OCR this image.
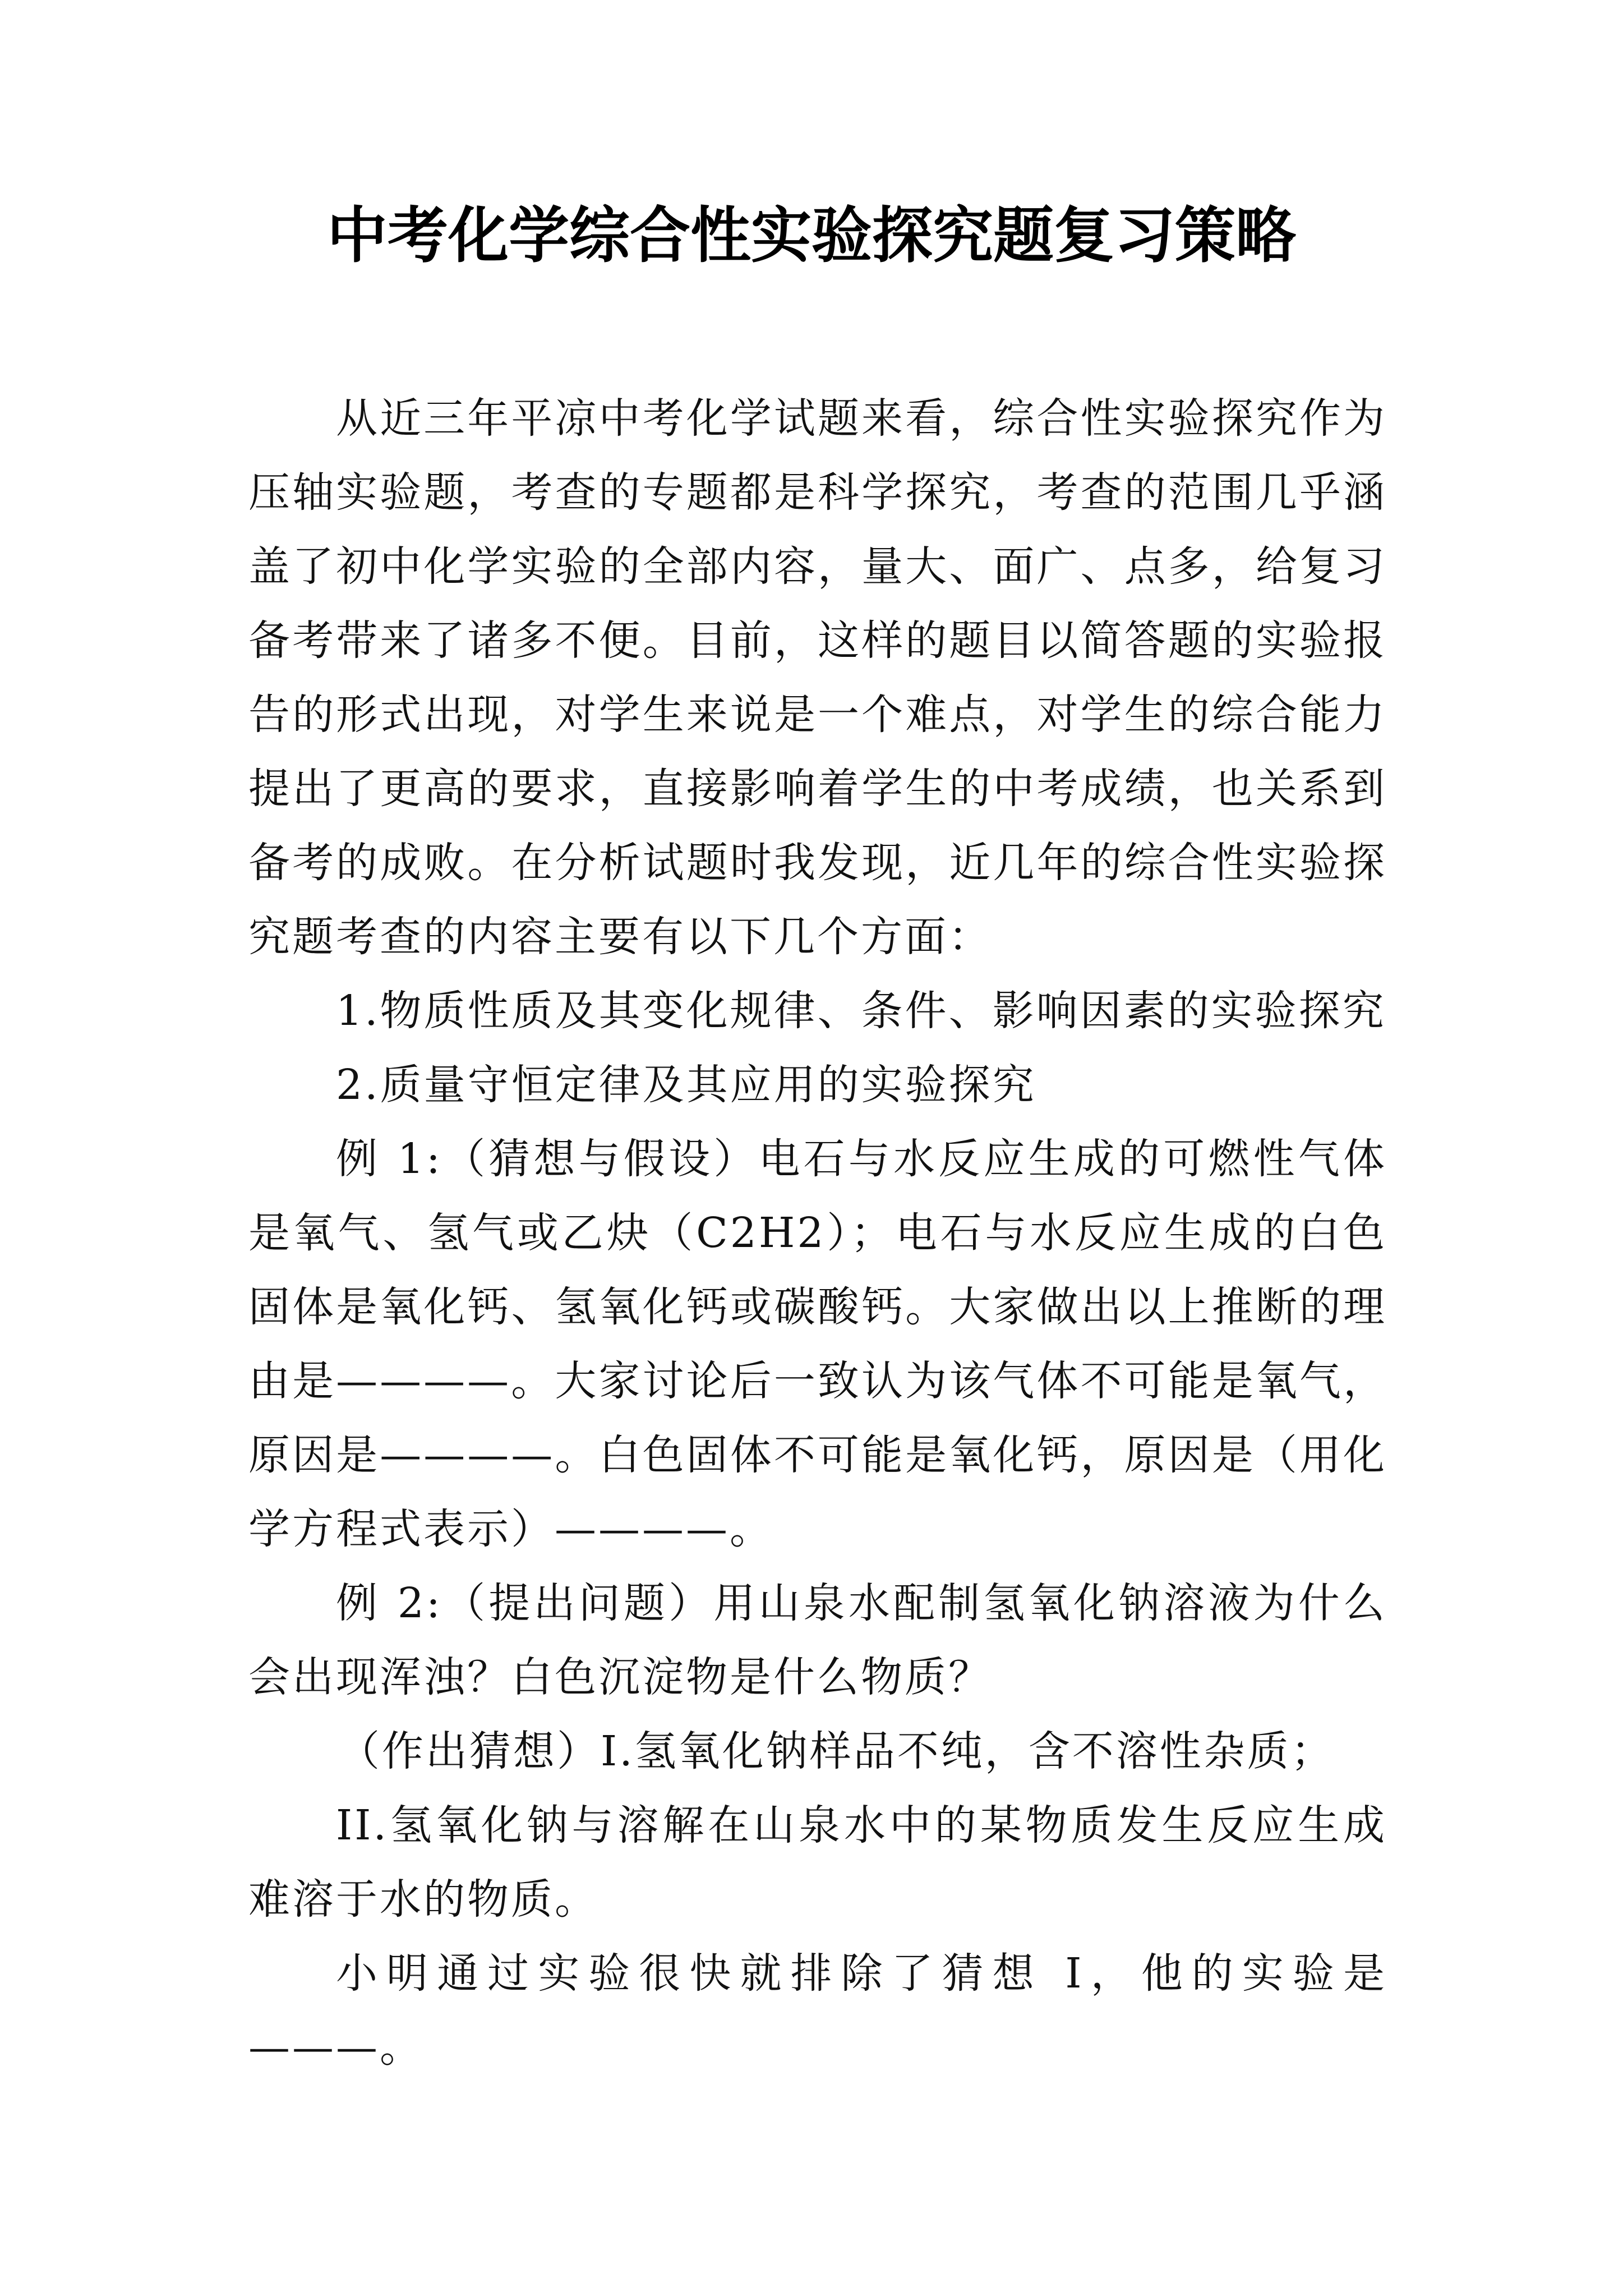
中考化学综合性实验探究题复习策略

从近三年平凉中考化学试题来看，综合性实验探究作为压轴实验题，考查的专题都是科学探究，考查的范围几乎涵盖了初中化学实验的全部内容，量大、面广、点多，给复习备考带来了诸多不便。目前，这样的题目以简答题的实验报告的形式出现，对学生来说是一个难点，对学生的综合能力提出了更高的要求，直接影响着学生的中考成绩，也关系到备考的成败。在分析试题时我发现，近几年的综合性实验探究题考查的内容主要有以下几个方面：

1.物质性质及其变化规律、条件、影响因素的实验探究

2.质量守恒定律及其应用的实验探究

例 1:（猜想与假设）电石与水反应生成的可燃性气体是氧气、氢气或乙炔（C2H2）；电石与水反应生成的白色固体是氧化钙、氢氧化钙或碳酸钙。大家做出以上推断的理由是————。大家讨论后一致认为该气体不可能是氧气，原因是————。白色固体不可能是氧化钙，原因是（用化学方程式表示）————。

例 2:（提出问题）用山泉水配制氢氧化钠溶液为什么会出现浑浊？白色沉淀物是什么物质？

（作出猜想）I.氢氧化钠样品不纯，含不溶性杂质；

II.氢氧化钠与溶解在山泉水中的某物质发生反应生成难溶于水的物质。

小明通过实验很快就排除了猜想 I，他的实验是———。
